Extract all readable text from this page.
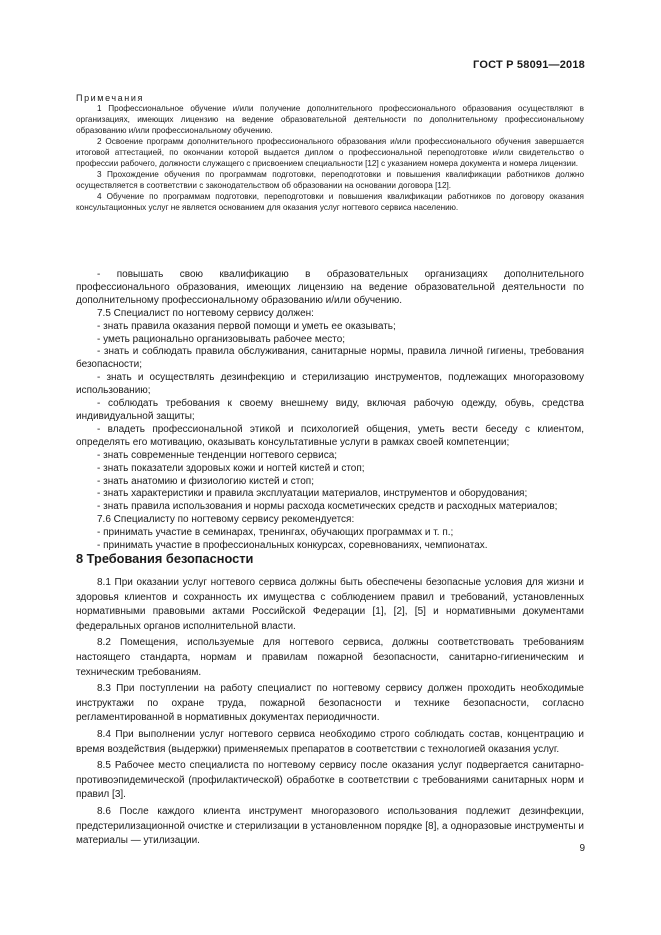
ГОСТ Р 58091—2018
Примечания

1 Профессиональное обучение и/или получение дополнительного профессионального образования осуществляют в организациях, имеющих лицензию на ведение образовательной деятельности по дополнительному профессиональному образованию и/или профессиональному обучению.

2 Освоение программ дополнительного профессионального образования и/или профессионального обучения завершается итоговой аттестацией, по окончании которой выдается диплом о профессиональной переподготовке и/или свидетельство о профессии рабочего, должности служащего с присвоением специальности [12] с указанием номера документа и номера лицензии.

3 Прохождение обучения по программам подготовки, переподготовки и повышения квалификации работников должно осуществляется в соответствии с законодательством об образовании на основании договора [12].

4 Обучение по программам подготовки, переподготовки и повышения квалификации работников по договору оказания консультационных услуг не является основанием для оказания услуг ногтевого сервиса населению.

- повышать свою квалификацию в образовательных организациях дополнительного профессионального образования, имеющих лицензию на ведение образовательной деятельности по дополнительному профессиональному образованию и/или обучению.

7.5 Специалист по ногтевому сервису должен:

- знать правила оказания первой помощи и уметь ее оказывать;

- уметь рационально организовывать рабочее место;

- знать и соблюдать правила обслуживания, санитарные нормы, правила личной гигиены, требования безопасности;

- знать и осуществлять дезинфекцию и стерилизацию инструментов, подлежащих многоразовому использованию;

- соблюдать требования к своему внешнему виду, включая рабочую одежду, обувь, средства индивидуальной защиты;

- владеть профессиональной этикой и психологией общения, уметь вести беседу с клиентом, определять его мотивацию, оказывать консультативные услуги в рамках своей компетенции;

- знать современные тенденции ногтевого сервиса;

- знать показатели здоровых кожи и ногтей кистей и стоп;

- знать анатомию и физиологию кистей и стоп;

- знать характеристики и правила эксплуатации материалов, инструментов и оборудования;

- знать правила использования и нормы расхода косметических средств и расходных материалов;

7.6 Специалисту по ногтевому сервису рекомендуется:

- принимать участие в семинарах, тренингах, обучающих программах и т. п.;

- принимать участие в профессиональных конкурсах, соревнованиях, чемпионатах.

8 Требования безопасности

8.1 При оказании услуг ногтевого сервиса должны быть обеспечены безопасные условия для жизни и здоровья клиентов и сохранность их имущества с соблюдением правил и требований, установленных нормативными правовыми актами Российской Федерации [1], [2], [5] и нормативными документами федеральных органов исполнительной власти.

8.2 Помещения, используемые для ногтевого сервиса, должны соответствовать требованиям настоящего стандарта, нормам и правилам пожарной безопасности, санитарно-гигиеническим и техническим требованиям.

8.3 При поступлении на работу специалист по ногтевому сервису должен проходить необходимые инструктажи по охране труда, пожарной безопасности и технике безопасности, согласно регламентированной в нормативных документах периодичности.

8.4 При выполнении услуг ногтевого сервиса необходимо строго соблюдать состав, концентрацию и время воздействия (выдержки) применяемых препаратов в соответствии с технологией оказания услуг.

8.5 Рабочее место специалиста по ногтевому сервису после оказания услуг подвергается санитарно-противоэпидемической (профилактической) обработке в соответствии с требованиями санитарных норм и правил [3].

8.6 После каждого клиента инструмент многоразового использования подлежит дезинфекции, предстерилизационной очистке и стерилизации в установленном порядке [8], а одноразовые инструменты и материалы — утилизации.

9
